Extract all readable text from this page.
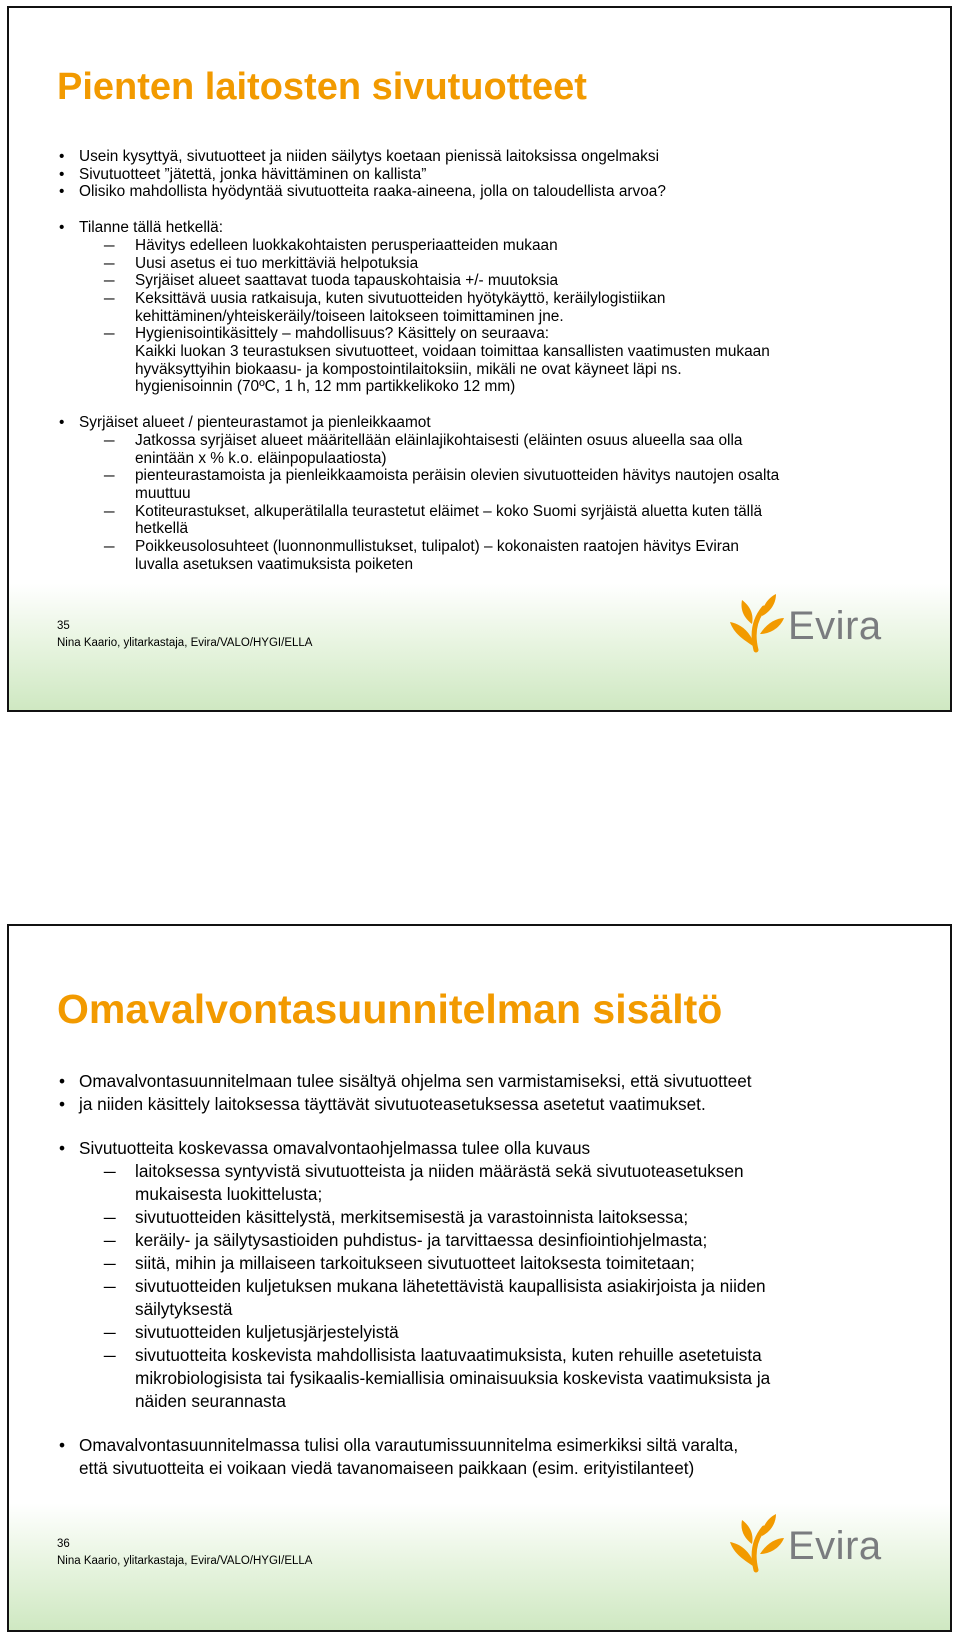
Pienten laitosten sivutuotteet
• Usein kysyttyä, sivutuotteet ja niiden säilytys koetaan pienissä laitoksissa ongelmaksi
• Sivutuotteet ”jätettä, jonka hävittäminen on kallista”
• Olisiko mahdollista hyödyntää sivutuotteita raaka-aineena, jolla on taloudellista arvoa?
• Tilanne tällä hetkellä:
– Hävitys edelleen luokkakohtaisten perusperiaatteiden mukaan
– Uusi asetus ei tuo merkittäviä helpotuksia
– Syrjäiset alueet saattavat tuoda tapauskohtaisia +/- muutoksia
– Keksittävä uusia ratkaisuja, kuten sivutuotteiden hyötykäyttö, keräilylogistiikan
kehittäminen/yhteiskeräily/toiseen laitokseen toimittaminen jne.
– Hygienisointikäsittely – mahdollisuus? Käsittely on seuraava:
Kaikki luokan 3 teurastuksen sivutuotteet, voidaan toimittaa kansallisten vaatimusten mukaan
hyväksyttyihin biokaasu- ja kompostointilaitoksiin, mikäli ne ovat käyneet läpi ns.
hygienisoinnin (70ºC, 1 h, 12 mm partikkelikoko 12 mm)
• Syrjäiset alueet / pienteurastamot ja pienleikkaamot
– Jatkossa syrjäiset alueet määritellään eläinlajikohtaisesti (eläinten osuus alueella saa olla
enintään x % k.o. eläinpopulaatiosta)
– pienteurastamoista ja pienleikkaamoista peräisin olevien sivutuotteiden hävitys nautojen osalta
muuttuu
– Kotiteurastukset, alkuperätilalla teurastetut eläimet – koko Suomi syrjäistä aluetta kuten tällä
hetkellä
– Poikkeusolosuhteet (luonnonmullistukset, tulipalot) – kokonaisten raatojen hävitys Eviran
luvalla asetuksen vaatimuksista poiketen
35
Nina Kaario, ylitarkastaja, Evira/VALO/HYGI/ELLA	Evira
Omavalvontasuunnitelman sisältö
• Omavalvontasuunnitelmaan tulee sisältyä ohjelma sen varmistamiseksi, että sivutuotteet
• ja niiden käsittely laitoksessa täyttävät sivutuoteasetuksessa asetetut vaatimukset.
• Sivutuotteita koskevassa omavalvontaohjelmassa tulee olla kuvaus
– laitoksessa syntyvistä sivutuotteista ja niiden määrästä sekä sivutuoteasetuksen
mukaisesta luokittelusta;
– sivutuotteiden käsittelystä, merkitsemisestä ja varastoinnista laitoksessa;
– keräily- ja säilytysastioiden puhdistus- ja tarvittaessa desinfiointiohjelmasta;
– siitä, mihin ja millaiseen tarkoitukseen sivutuotteet laitoksesta toimitetaan;
– sivutuotteiden kuljetuksen mukana lähetettävistä kaupallisista asiakirjoista ja niiden
säilytyksestä
– sivutuotteiden kuljetusjärjestelyistä
– sivutuotteita koskevista mahdollisista laatuvaatimuksista, kuten rehuille asetetuista
mikrobiologisista tai fysikaalis-kemiallisia ominaisuuksia koskevista vaatimuksista ja
näiden seurannasta
• Omavalvontasuunnitelmassa tulisi olla varautumissuunnitelma esimerkiksi siltä varalta,
että sivutuotteita ei voikaan viedä tavanomaiseen paikkaan (esim. erityistilanteet)
36
Nina Kaario, ylitarkastaja, Evira/VALO/HYGI/ELLA	Evira
